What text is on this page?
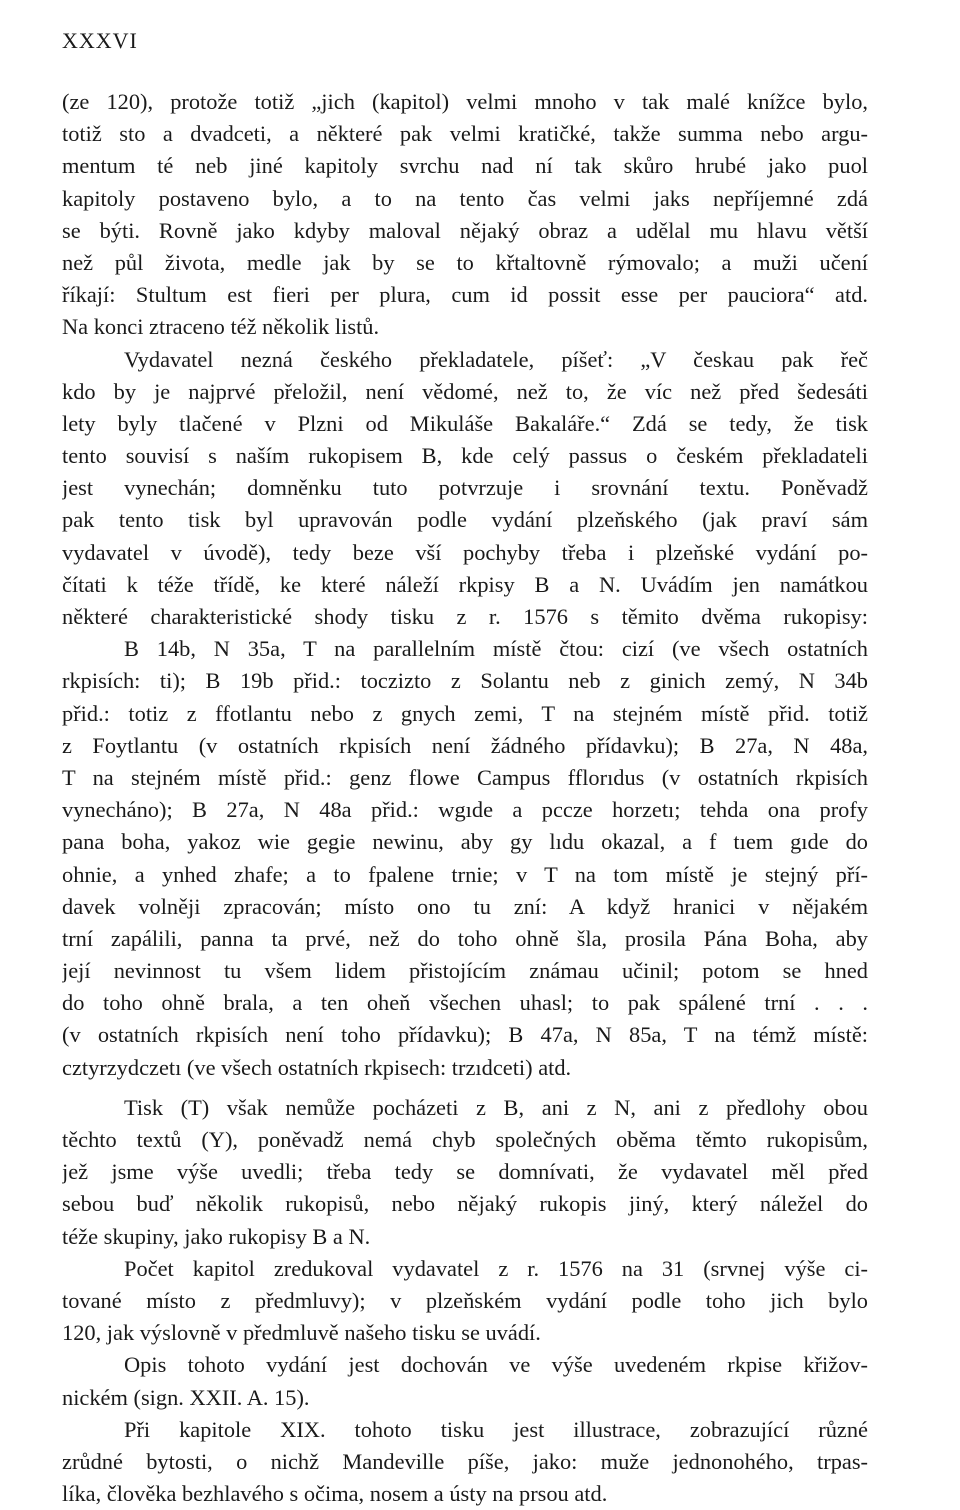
XXXVI
(ze 120), protože totiž „jich (kapitol) velmi mnoho v tak malé knížce bylo,
totiž sto a dvadceti, a některé pak velmi kratičké, takže summa nebo argu-
mentum té neb jiné kapitoly svrchu nad ní tak skůro hrubé jako puol
kapitoly postaveno bylo, a to na tento čas velmi jaks nepříjemné zdá
se býti. Rovně jako kdyby maloval nějaký obraz a udělal mu hlavu větší
než půl života, medle jak by se to křtaltovně rýmovalo; a muži učení
říkají: Stultum est fieri per plura, cum id possit esse per pauciora“ atd.
Na konci ztraceno též několik listů.
Vydavatel nezná českého překladatele, píšeť: „V českau pak řeč
kdo by je najprvé přeložil, není vědomé, než to, že víc než před šedesáti
lety byly tlačené v Plzni od Mikuláše Bakaláře.“ Zdá se tedy, že tisk
tento souvisí s naším rukopisem B, kde celý passus o českém překladateli
jest vynechán; domněnku tuto potvrzuje i srovnání textu. Poněvadž
pak tento tisk byl upravován podle vydání plzeňského (jak praví sám
vydavatel v úvodě), tedy beze vší pochyby třeba i plzeňské vydání po-
čítati k téže třídě, ke které náleží rkpisy B a N. Uvádím jen namátkou
některé charakteristické shody tisku z r. 1576 s těmito dvěma rukopisy:
B 14b, N 35a, T na parallelním místě čtou: cizí (ve všech ostatních
rkpisích: ti); B 19b přid.: toczizto z Solantu neb z ginich zemý, N 34b
přid.: totiz z ffotlantu nebo z gnych zemi, T na stejném místě přid. totiž
z Foytlantu (v ostatních rkpisích není žádného přídavku); B 27a, N 48a,
T na stejném místě přid.: genz flowe Campus fflorıdus (v ostatních rkpisích
vynecháno); B 27a, N 48a přid.: wgıde a pccze horzetı; tehda ona profy
pana boha, yakoz wie gegie newinu, aby gy lıdu okazal, a f tıem gıde do
ohnie, a ynhed zhafe; a to fpalene trnie; v T na tom místě je stejný pří-
davek volněji zpracován; místo ono tu zní: A když hranici v nějakém
trní zapálili, panna ta prvé, než do toho ohně šla, prosila Pána Boha, aby
její nevinnost tu všem lidem přistojícím známau učinil; potom se hned
do toho ohně brala, a ten oheň všechen uhasl; to pak spálené trní . . .
(v ostatních rkpisích není toho přídavku); B 47a, N 85a, T na témž místě:
cztyrzydczetı (ve všech ostatních rkpisech: trzıdceti) atd.
Tisk (T) však nemůže pocházeti z B, ani z N, ani z předlohy obou
těchto textů (Y), poněvadž nemá chyb společných oběma těmto rukopisům,
jež jsme výše uvedli; třeba tedy se domnívati, že vydavatel měl před
sebou buď několik rukopisů, nebo nějaký rukopis jiný, který náležel do
téže skupiny, jako rukopisy B a N.
Počet kapitol zredukoval vydavatel z r. 1576 na 31 (srvnej výše ci-
tované místo z předmluvy); v plzeňském vydání podle toho jich bylo
120, jak výslovně v předmluvě našeho tisku se uvádí.
Opis tohoto vydání jest dochován ve výše uvedeném rkpise křižov-
nickém (sign. XXII. A. 15).
Při kapitole XIX. tohoto tisku jest illustrace, zobrazující různé
zrůdné bytosti, o nichž Mandeville píše, jako: muže jednonohého, trpas-
líka, člověka bezhlavého s očima, nosem a ústy na prsou atd.
